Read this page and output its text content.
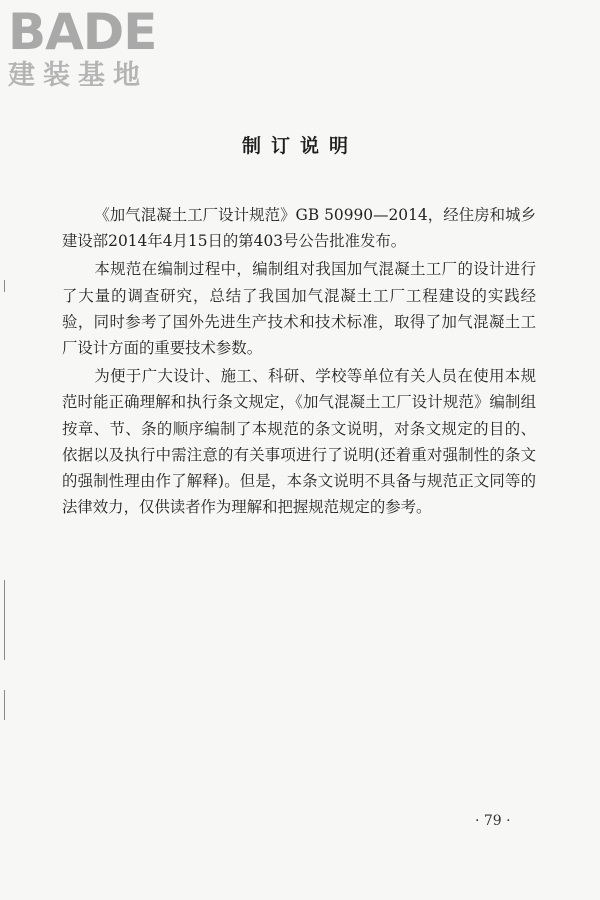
BADE
建装基地
制订说明

《加气混凝土工厂设计规范》GB 50990—2014，经住房和城乡建设部2014年4月15日的第403号公告批准发布。

本规范在编制过程中，编制组对我国加气混凝土工厂的设计进行了大量的调查研究，总结了我国加气混凝土工厂工程建设的实践经验，同时参考了国外先进生产技术和技术标准，取得了加气混凝土工厂设计方面的重要技术参数。

为便于广大设计、施工、科研、学校等单位有关人员在使用本规范时能正确理解和执行条文规定，《加气混凝土工厂设计规范》编制组按章、节、条的顺序编制了本规范的条文说明，对条文规定的目的、依据以及执行中需注意的有关事项进行了说明(还着重对强制性的条文的强制性理由作了解释)。但是，本条文说明不具备与规范正文同等的法律效力，仅供读者作为理解和把握规范规定的参考。

· 79 ·
